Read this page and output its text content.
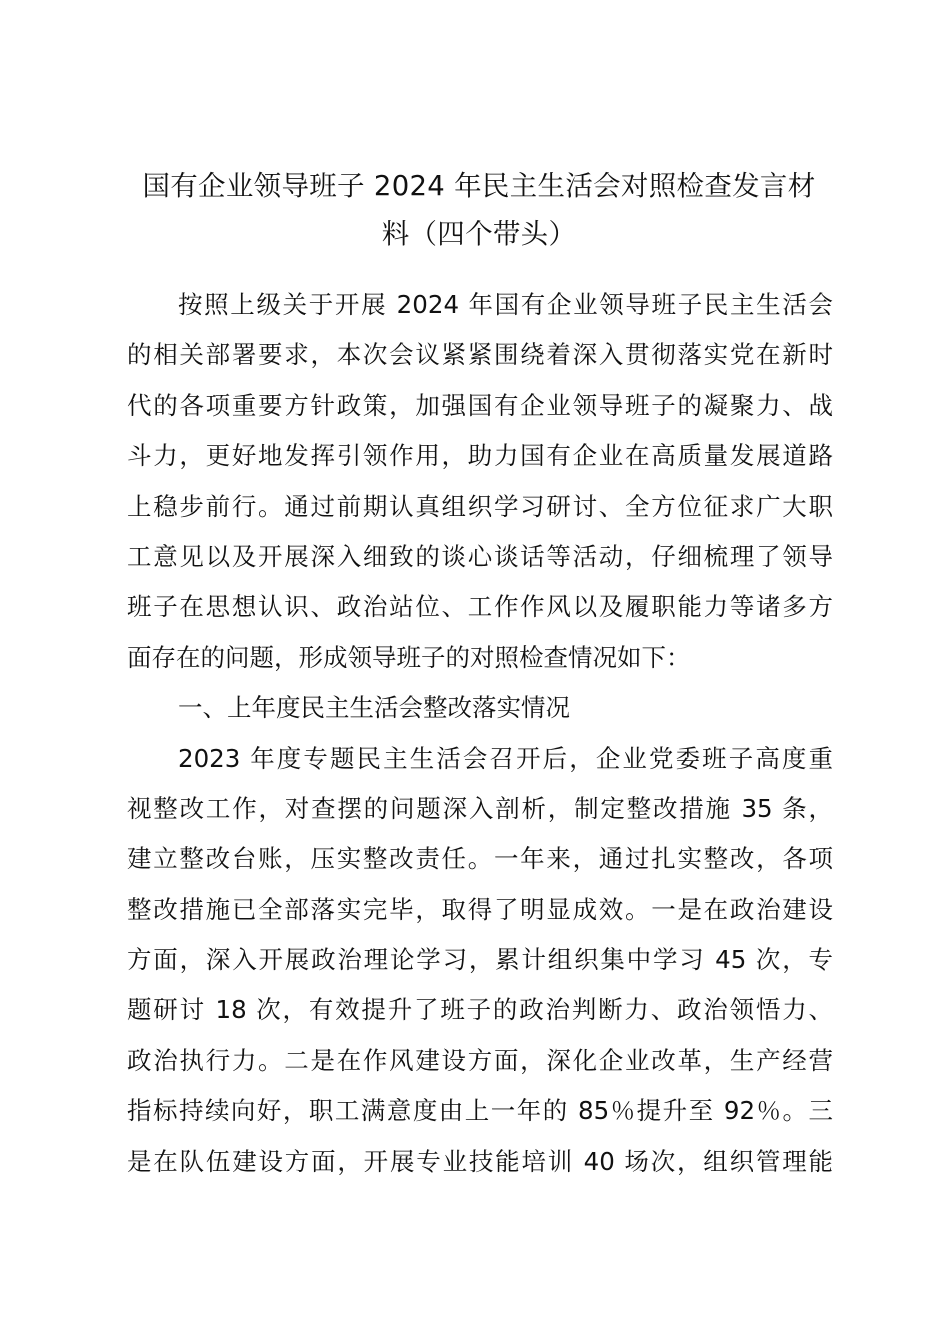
国有企业领导班子 2024 年民主生活会对照检查发言材
料（四个带头）
按照上级关于开展 2024 年国有企业领导班子民主生活会
的相关部署要求，本次会议紧紧围绕着深入贯彻落实党在新时
代的各项重要方针政策，加强国有企业领导班子的凝聚力、战
斗力，更好地发挥引领作用，助力国有企业在高质量发展道路
上稳步前行。通过前期认真组织学习研讨、全方位征求广大职
工意见以及开展深入细致的谈心谈话等活动，仔细梳理了领导
班子在思想认识、政治站位、工作作风以及履职能力等诸多方
面存在的问题，形成领导班子的对照检查情况如下：
一、上年度民主生活会整改落实情况
2023 年度专题民主生活会召开后，企业党委班子高度重
视整改工作，对查摆的问题深入剖析，制定整改措施 35 条，
建立整改台账，压实整改责任。一年来，通过扎实整改，各项
整改措施已全部落实完毕，取得了明显成效。一是在政治建设
方面，深入开展政治理论学习，累计组织集中学习 45 次，专
题研讨 18 次，有效提升了班子的政治判断力、政治领悟力、
政治执行力。二是在作风建设方面，深化企业改革，生产经营
指标持续向好，职工满意度由上一年的 85％提升至 92％。三
是在队伍建设方面，开展专业技能培训 40 场次，组织管理能
